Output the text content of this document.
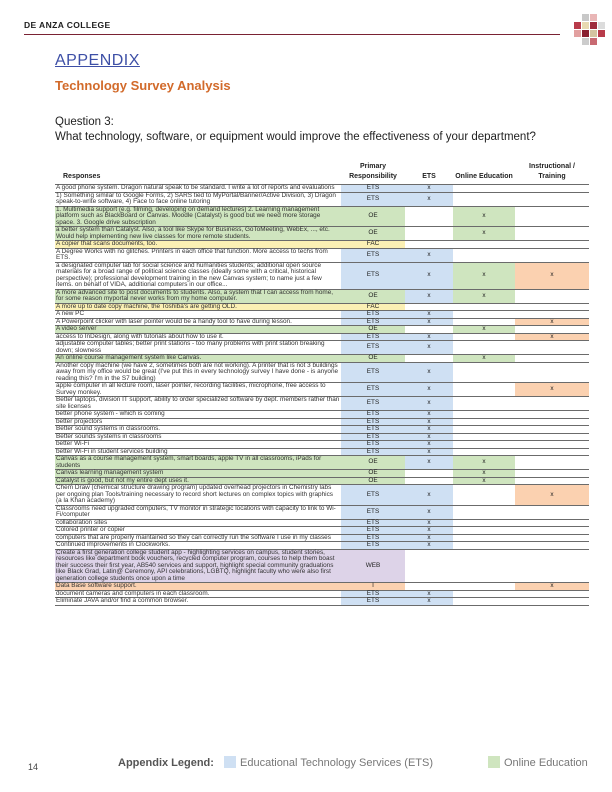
DE ANZA COLLEGE
APPENDIX
Technology Survey Analysis
Question 3:
What technology, software, or equipment would improve the effectiveness of your department?
Responses	Primary Responsibility	ETS	Online Education	Instructional / Training
A good phone system. Dragon natural speak to be standard. I write a lot of reports and evaluations	ETS	x		
1) Something similar to Google Forms, 2) SARS tied to MyPortal/Banner/Active Division, 3) Dragon speak-to-write software, 4) Face to face online tutoring	ETS	x		
1. Multimedia support (e.g. filming, developing on demand lectures) 2. Learning management platform such as BlackBoard or Canvas. Moodle (Catalyst) is good but we need more storage space. 3. Google drive subscription	OE		x	
a better system than Catalyst. Also, a tool like Skype for Business, GoToMeeting, WebEx, ..., etc. Would help implementing new live classes for more remote students.	OE		x	
A copier that scans documents, too.	FAC			
A Degree Works with no glitches. Printers in each office that function. More access to techs from ETS.	ETS	x		
a designated computer lab for social science and humanities students; additional open source materials for a broad range of political science classes (ideally some with a critical, historical perspective); professional development training in the new Canvas system; to name just a few items. on behalf of VIDA, additional computers in our office...	ETS	x	x	x
A more advanced site to post documents to students. Also, a system that I can access from home, for some reason myportal never works from my home computer.	OE	x	x	
A more up to date copy machine, the Toshiba's are getting OLD.	FAC			
A new PC	ETS	x		
A Powerpoint clicker with laser pointer would be a handy tool to have during lesson.	ETS	x		x
A video server	OE		x	
access to InDesign, along with tutorials about how to use it.	ETS	x		x
adjustable computer tables; better print stations - too many problems with print station breaking down; slowness	ETS	x		
An online course management system like Canvas.	OE		x	
Another copy machine (we have 2, sometimes both are not working). A printer that is not 3 buildings away from my office would be great (I've put this in every technology survey I have done - is anyone reading this? I'm in the S7 building)	ETS	x		
apple computer in all lecture room, laser pointer, recording facilities, microphone, free access to Survey monkey.	ETS	x		x
Better laptops, division IT support, ability to order specialized software by dept. members rather than site licenses	ETS	x		
better phone system - which is coming	ETS	x		
better projectors	ETS	x		
Better sound systems in classrooms.	ETS	x		
Better sounds systems in classrooms	ETS	x		
better Wi-Fi	ETS	x		
better Wi-Fi in student services building	ETS	x		
Canvas as a course management system, smart boards, apple TV in all classrooms, iPads for students	OE	x	x	
Canvas learning management system	OE		x	
Catalyst is good, but not my entire dept uses it.	OE		x	
Chem Draw (chemical structure drawing program) updated overhead projectors in Chemistry labs per ongoing plan Tools/training necessary to record short lectures on complex topics with graphics (a la Khan academy)	ETS	x		x
Classrooms need upgraded computers, TV monitor in strategic locations with capacity to link to Wi-Fi/computer	ETS	x		
collaboration sites	ETS	x		
Colored printer or copier	ETS	x		
computers that are properly maintained so they can correctly run the software I use in my classes	ETS	x		
Continued improvements in Clockworks.	ETS	x		
Create a first generation college student app - highlighting services on campus, student stories, resources like department book vouchers, recycled computer program, courses to help them boast their success their first year, AB540 services and support, highlight special community graduations like Black Grad, Latin@ Ceremony, API celebrations, LGBTQ, highlight faculty who were also first generation college students once upon a time	WEB			
Data Base software support.	I			x
document cameras and computers in each classroom.	ETS	x		
Eliminate JAVA and/or find a common browser.	ETS	x		
14	Appendix Legend: Educational Technology Services (ETS)	Online Education
